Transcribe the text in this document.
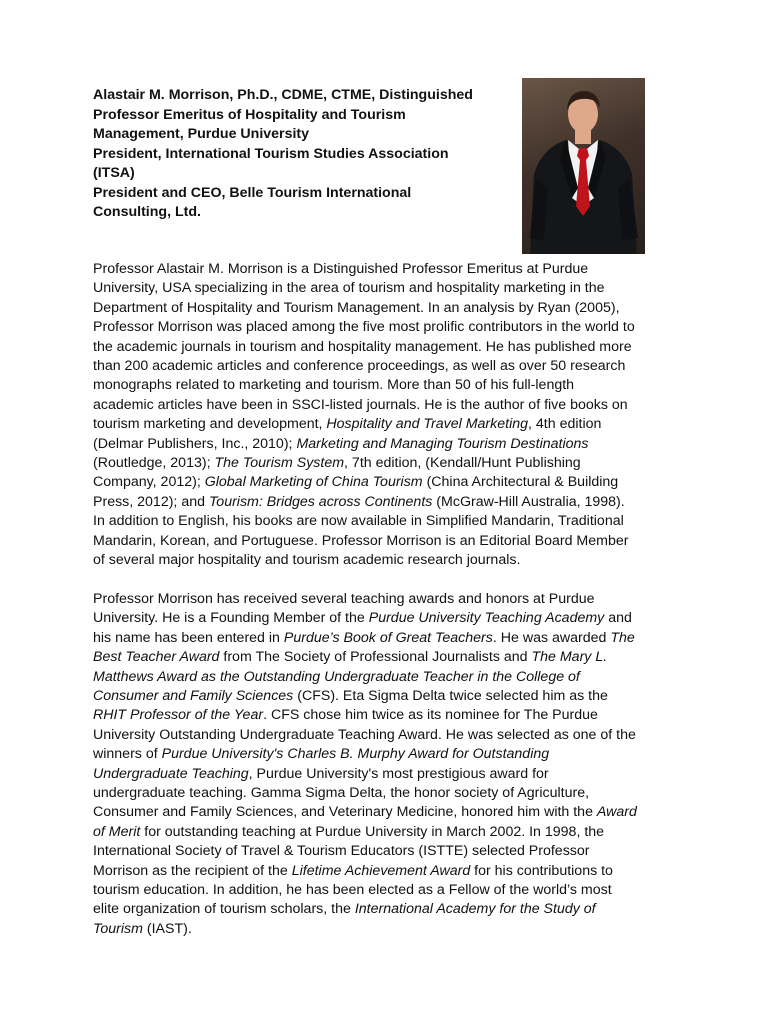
Alastair M. Morrison, Ph.D., CDME, CTME, Distinguished
Professor Emeritus of Hospitality and Tourism
Management, Purdue University
President, International Tourism Studies Association
(ITSA)
President and CEO, Belle Tourism International
Consulting, Ltd.
Professor Alastair M. Morrison is a Distinguished Professor Emeritus at Purdue
University, USA specializing in the area of tourism and hospitality marketing in the
Department of Hospitality and Tourism Management. In an analysis by Ryan (2005),
Professor Morrison was placed among the five most prolific contributors in the world to
the academic journals in tourism and hospitality management. He has published more
than 200 academic articles and conference proceedings, as well as over 50 research
monographs related to marketing and tourism. More than 50 of his full-length
academic articles have been in SSCI-listed journals. He is the author of five books on
tourism marketing and development, Hospitality and Travel Marketing, 4th edition
(Delmar Publishers, Inc., 2010); Marketing and Managing Tourism Destinations
(Routledge, 2013); The Tourism System, 7th edition, (Kendall/Hunt Publishing
Company, 2012); Global Marketing of China Tourism (China Architectural & Building
Press, 2012); and Tourism: Bridges across Continents (McGraw-Hill Australia, 1998).
In addition to English, his books are now available in Simplified Mandarin, Traditional
Mandarin, Korean, and Portuguese. Professor Morrison is an Editorial Board Member
of several major hospitality and tourism academic research journals.
Professor Morrison has received several teaching awards and honors at Purdue
University. He is a Founding Member of the Purdue University Teaching Academy and
his name has been entered in Purdue’s Book of Great Teachers. He was awarded The
Best Teacher Award from The Society of Professional Journalists and The Mary L.
Matthews Award as the Outstanding Undergraduate Teacher in the College of
Consumer and Family Sciences (CFS). Eta Sigma Delta twice selected him as the
RHIT Professor of the Year. CFS chose him twice as its nominee for The Purdue
University Outstanding Undergraduate Teaching Award. He was selected as one of the
winners of Purdue University's Charles B. Murphy Award for Outstanding
Undergraduate Teaching, Purdue University's most prestigious award for
undergraduate teaching. Gamma Sigma Delta, the honor society of Agriculture,
Consumer and Family Sciences, and Veterinary Medicine, honored him with the Award
of Merit for outstanding teaching at Purdue University in March 2002. In 1998, the
International Society of Travel & Tourism Educators (ISTTE) selected Professor
Morrison as the recipient of the Lifetime Achievement Award for his contributions to
tourism education. In addition, he has been elected as a Fellow of the world’s most
elite organization of tourism scholars, the International Academy for the Study of
Tourism (IAST).
